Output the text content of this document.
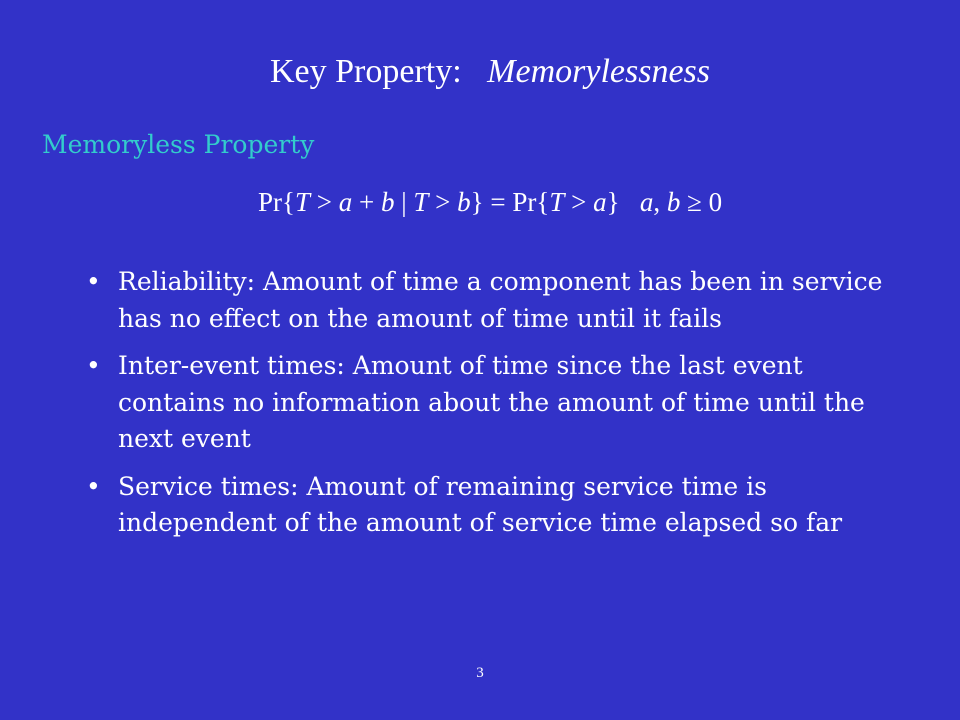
Key Property:   Memorylessness
Memoryless Property
Pr{T > a + b | T > b} = Pr{T > a} a, b ≥ 0
• Reliability: Amount of time a component has been in service has no effect on the amount of time until it fails
• Inter-event times: Amount of time since the last event contains no information about the amount of time until the next event
• Service times: Amount of remaining service time is independent of the amount of service time elapsed so far
3
